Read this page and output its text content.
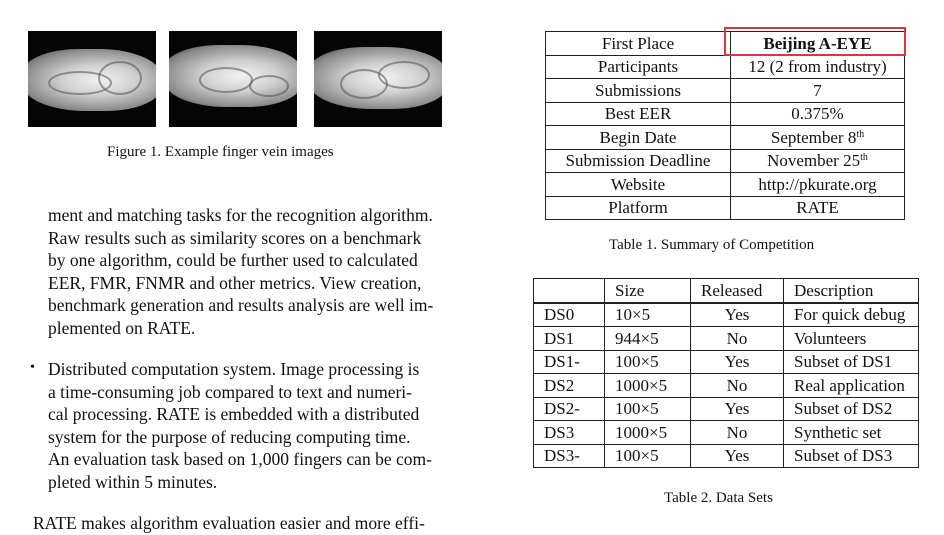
Figure 1. Example finger vein images
ment and matching tasks for the recognition algorithm.
Raw results such as similarity scores on a benchmark
by one algorithm, could be further used to calculated
EER, FMR, FNMR and other metrics. View creation,
benchmark generation and results analysis are well im-
plemented on RATE.
• Distributed computation system. Image processing is
a time-consuming job compared to text and numeri-
cal processing. RATE is embedded with a distributed
system for the purpose of reducing computing time.
An evaluation task based on 1,000 fingers can be com-
pleted within 5 minutes.
RATE makes algorithm evaluation easier and more effi-
First Place	Beijing A-EYE
Participants	12 (2 from industry)
Submissions	7
Best EER	0.375%
Begin Date	September 8th
Submission Deadline	November 25th
Website	http://pkurate.org
Platform	RATE
Table 1. Summary of Competition
	Size	Released	Description
DS0	10×5	Yes	For quick debug
DS1	944×5	No	Volunteers
DS1-	100×5	Yes	Subset of DS1
DS2	1000×5	No	Real application
DS2-	100×5	Yes	Subset of DS2
DS3	1000×5	No	Synthetic set
DS3-	100×5	Yes	Subset of DS3
Table 2. Data Sets
